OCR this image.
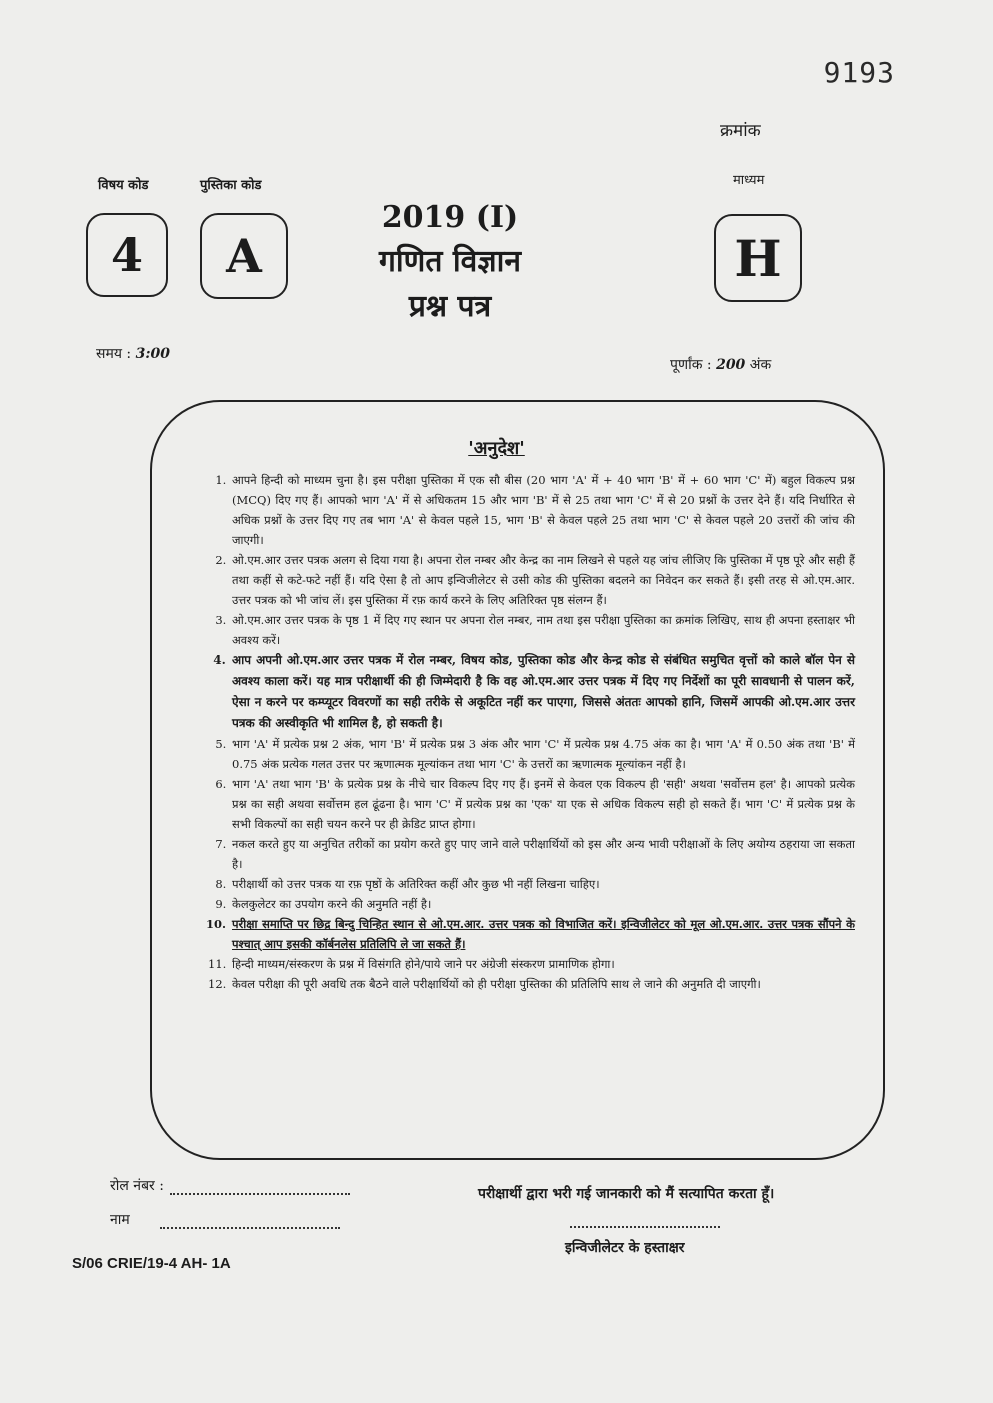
9193
क्रमांक
विषय कोड	पुस्तिका कोड	माध्यम
4	A	H
2019 (I)
गणित विज्ञान
प्रश्न पत्र
समय : 3:00
पूर्णांक : 200 अंक
'अनुदेश'
1. आपने हिन्दी को माध्यम चुना है। इस परीक्षा पुस्तिका में एक सौ बीस (20 भाग 'A' में + 40 भाग 'B' में + 60 भाग 'C' में) बहुल विकल्प प्रश्न (MCQ) दिए गए हैं। आपको भाग 'A' में से अधिकतम 15 और भाग 'B' में से 25 तथा भाग 'C' में से 20 प्रश्नों के उत्तर देने हैं। यदि निर्धारित से अधिक प्रश्नों के उत्तर दिए गए तब भाग 'A' से केवल पहले 15, भाग 'B' से केवल पहले 25 तथा भाग 'C' से केवल पहले 20 उत्तरों की जांच की जाएगी।
2. ओ.एम.आर उत्तर पत्रक अलग से दिया गया है। अपना रोल नम्बर और केन्द्र का नाम लिखने से पहले यह जांच लीजिए कि पुस्तिका में पृष्ठ पूरे और सही हैं तथा कहीं से कटे-फटे नहीं हैं। यदि ऐसा है तो आप इन्विजीलेटर से उसी कोड की पुस्तिका बदलने का निवेदन कर सकते हैं। इसी तरह से ओ.एम.आर. उत्तर पत्रक को भी जांच लें। इस पुस्तिका में रफ़ कार्य करने के लिए अतिरिक्त पृष्ठ संलग्न हैं।
3. ओ.एम.आर उत्तर पत्रक के पृष्ठ 1 में दिए गए स्थान पर अपना रोल नम्बर, नाम तथा इस परीक्षा पुस्तिका का क्रमांक लिखिए, साथ ही अपना हस्ताक्षर भी अवश्य करें।
4. आप अपनी ओ.एम.आर उत्तर पत्रक में रोल नम्बर, विषय कोड, पुस्तिका कोड और केन्द्र कोड से संबंधित समुचित वृत्तों को काले बॉल पेन से अवश्य काला करें। यह मात्र परीक्षार्थी की ही जिम्मेदारी है कि वह ओ.एम.आर उत्तर पत्रक में दिए गए निर्देशों का पूरी सावधानी से पालन करें, ऐसा न करने पर कम्प्यूटर विवरणों का सही तरीके से अकूटित नहीं कर पाएगा, जिससे अंततः आपको हानि, जिसमें आपकी ओ.एम.आर उत्तर पत्रक की अस्वीकृति भी शामिल है, हो सकती है।
5. भाग 'A' में प्रत्येक प्रश्न 2 अंक, भाग 'B' में प्रत्येक प्रश्न 3 अंक और भाग 'C' में प्रत्येक प्रश्न 4.75 अंक का है। भाग 'A' में 0.50 अंक तथा 'B' में 0.75 अंक प्रत्येक गलत उत्तर पर ऋणात्मक मूल्यांकन तथा भाग 'C' के उत्तरों का ऋणात्मक मूल्यांकन नहीं है।
6. भाग 'A' तथा भाग 'B' के प्रत्येक प्रश्न के नीचे चार विकल्प दिए गए हैं। इनमें से केवल एक विकल्प ही 'सही' अथवा 'सर्वोत्तम हल' है। आपको प्रत्येक प्रश्न का सही अथवा सर्वोत्तम हल ढूंढना है। भाग 'C' में प्रत्येक प्रश्न का 'एक' या एक से अधिक विकल्प सही हो सकते हैं। भाग 'C' में प्रत्येक प्रश्न के सभी विकल्पों का सही चयन करने पर ही क्रेडिट प्राप्त होगा।
7. नकल करते हुए या अनुचित तरीकों का प्रयोग करते हुए पाए जाने वाले परीक्षार्थियों को इस और अन्य भावी परीक्षाओं के लिए अयोग्य ठहराया जा सकता है।
8. परीक्षार्थी को उत्तर पत्रक या रफ़ पृष्ठों के अतिरिक्त कहीं और कुछ भी नहीं लिखना चाहिए।
9. केलकुलेटर का उपयोग करने की अनुमति नहीं है।
10. परीक्षा समाप्ति पर छिद्र बिन्दु चिन्हित स्थान से ओ.एम.आर. उत्तर पत्रक को विभाजित करें। इन्विजीलेटर को मूल ओ.एम.आर. उत्तर पत्रक सौंपने के पश्चात् आप इसकी कॉर्बनलेस प्रतिलिपि ले जा सकते हैं।
11. हिन्दी माध्यम/संस्करण के प्रश्न में विसंगति होने/पाये जाने पर अंग्रेजी संस्करण प्रामाणिक होगा।
12. केवल परीक्षा की पूरी अवधि तक बैठने वाले परीक्षार्थियों को ही परीक्षा पुस्तिका की प्रतिलिपि साथ ले जाने की अनुमति दी जाएगी।
रोल नंबर :
नाम
परीक्षार्थी द्वारा भरी गई जानकारी को मैं सत्यापित करता हूँ।
इन्विजीलेटर के हस्ताक्षर
S/06 CRIE/19-4 AH- 1A
